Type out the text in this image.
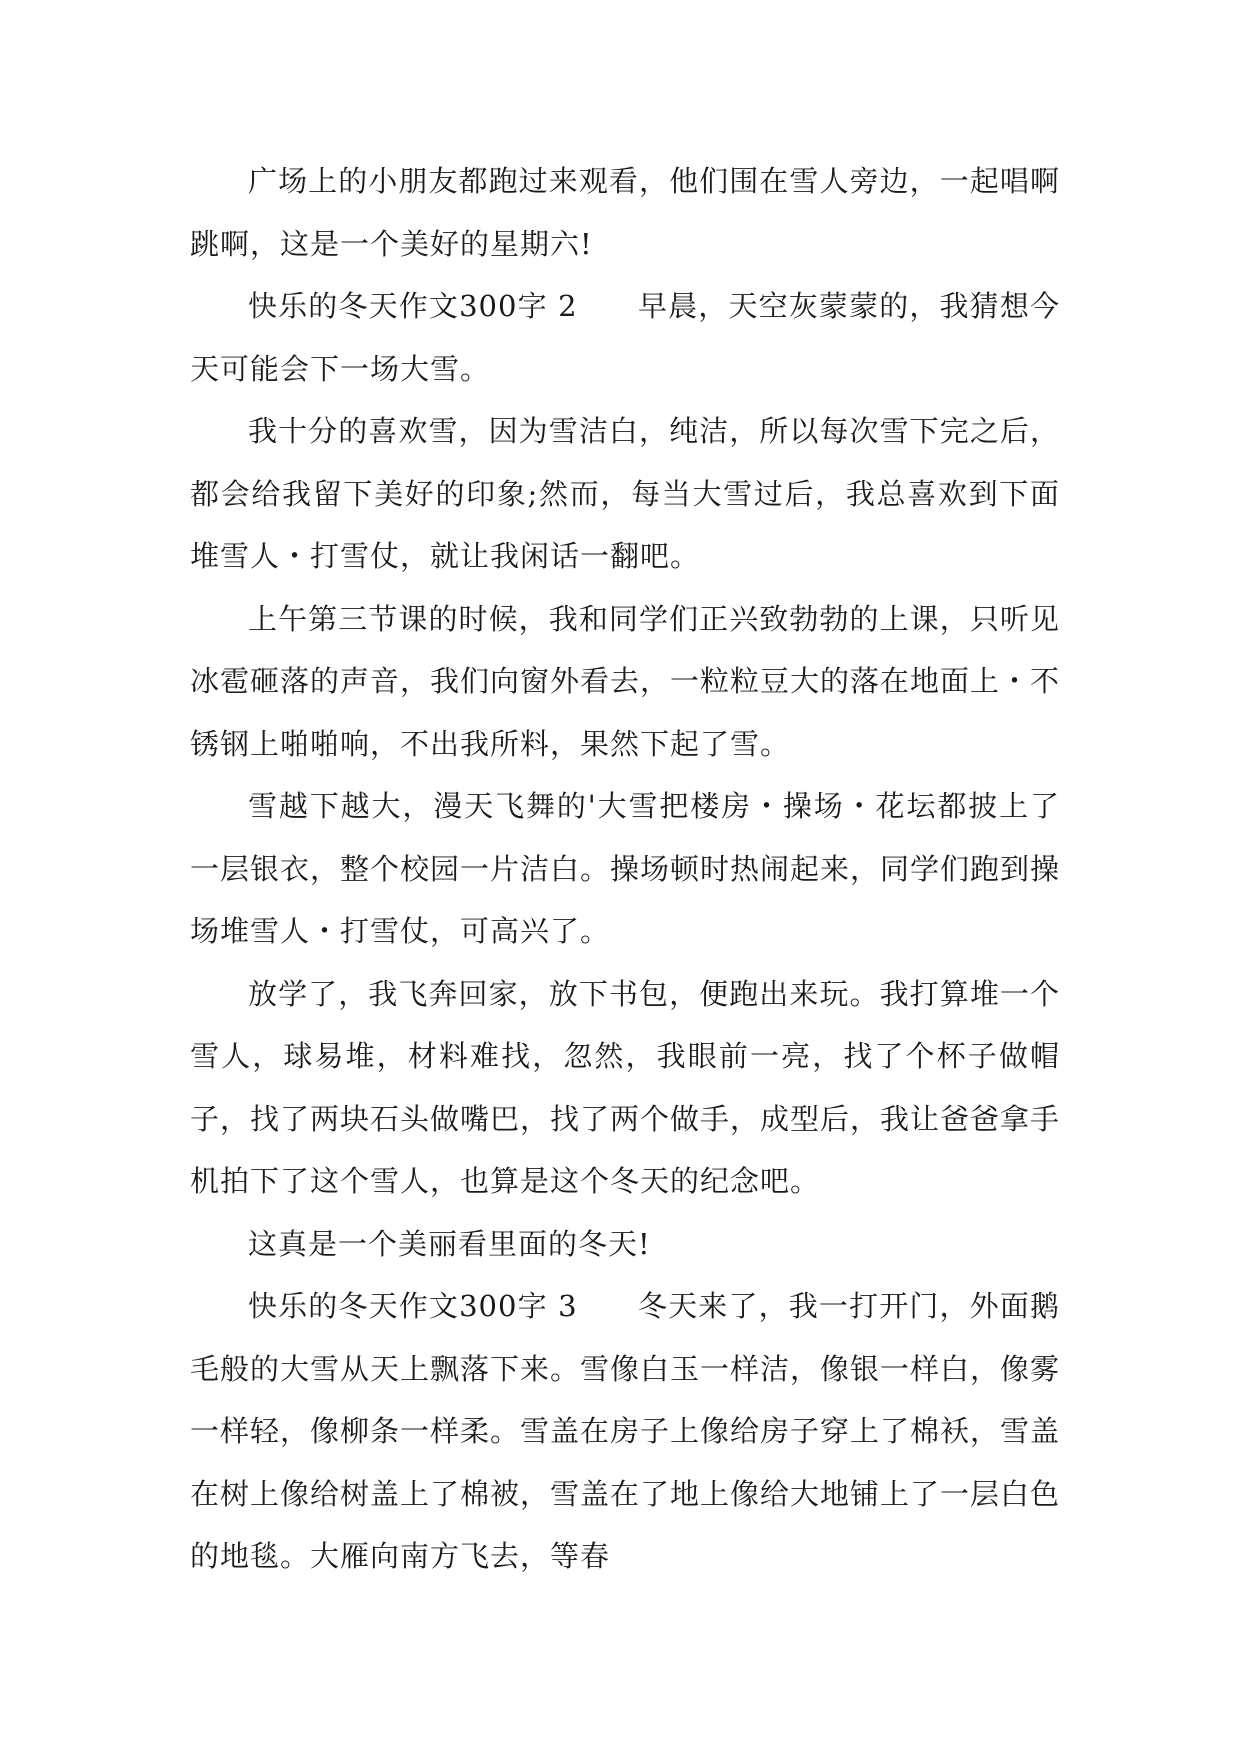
广场上的小朋友都跑过来观看，他们围在雪人旁边，一起唱啊跳啊，这是一个美好的星期六!

快乐的冬天作文300字 2　　早晨，天空灰蒙蒙的，我猜想今天可能会下一场大雪。

我十分的喜欢雪，因为雪洁白，纯洁，所以每次雪下完之后，都会给我留下美好的印象;然而，每当大雪过后，我总喜欢到下面堆雪人・打雪仗，就让我闲话一翻吧。

上午第三节课的时候，我和同学们正兴致勃勃的上课，只听见冰雹砸落的声音，我们向窗外看去，一粒粒豆大的落在地面上・不锈钢上啪啪响，不出我所料，果然下起了雪。

雪越下越大，漫天飞舞的'大雪把楼房・操场・花坛都披上了一层银衣，整个校园一片洁白。操场顿时热闹起来，同学们跑到操场堆雪人・打雪仗，可高兴了。

放学了，我飞奔回家，放下书包，便跑出来玩。我打算堆一个雪人，球易堆，材料难找，忽然，我眼前一亮，找了个杯子做帽子，找了两块石头做嘴巴，找了两个做手，成型后，我让爸爸拿手机拍下了这个雪人，也算是这个冬天的纪念吧。

这真是一个美丽看里面的冬天!

快乐的冬天作文300字 3　　冬天来了，我一打开门，外面鹅毛般的大雪从天上飘落下来。雪像白玉一样洁，像银一样白，像雾一样轻，像柳条一样柔。雪盖在房子上像给房子穿上了棉袄，雪盖在树上像给树盖上了棉被，雪盖在了地上像给大地铺上了一层白色的地毯。大雁向南方飞去，等春
